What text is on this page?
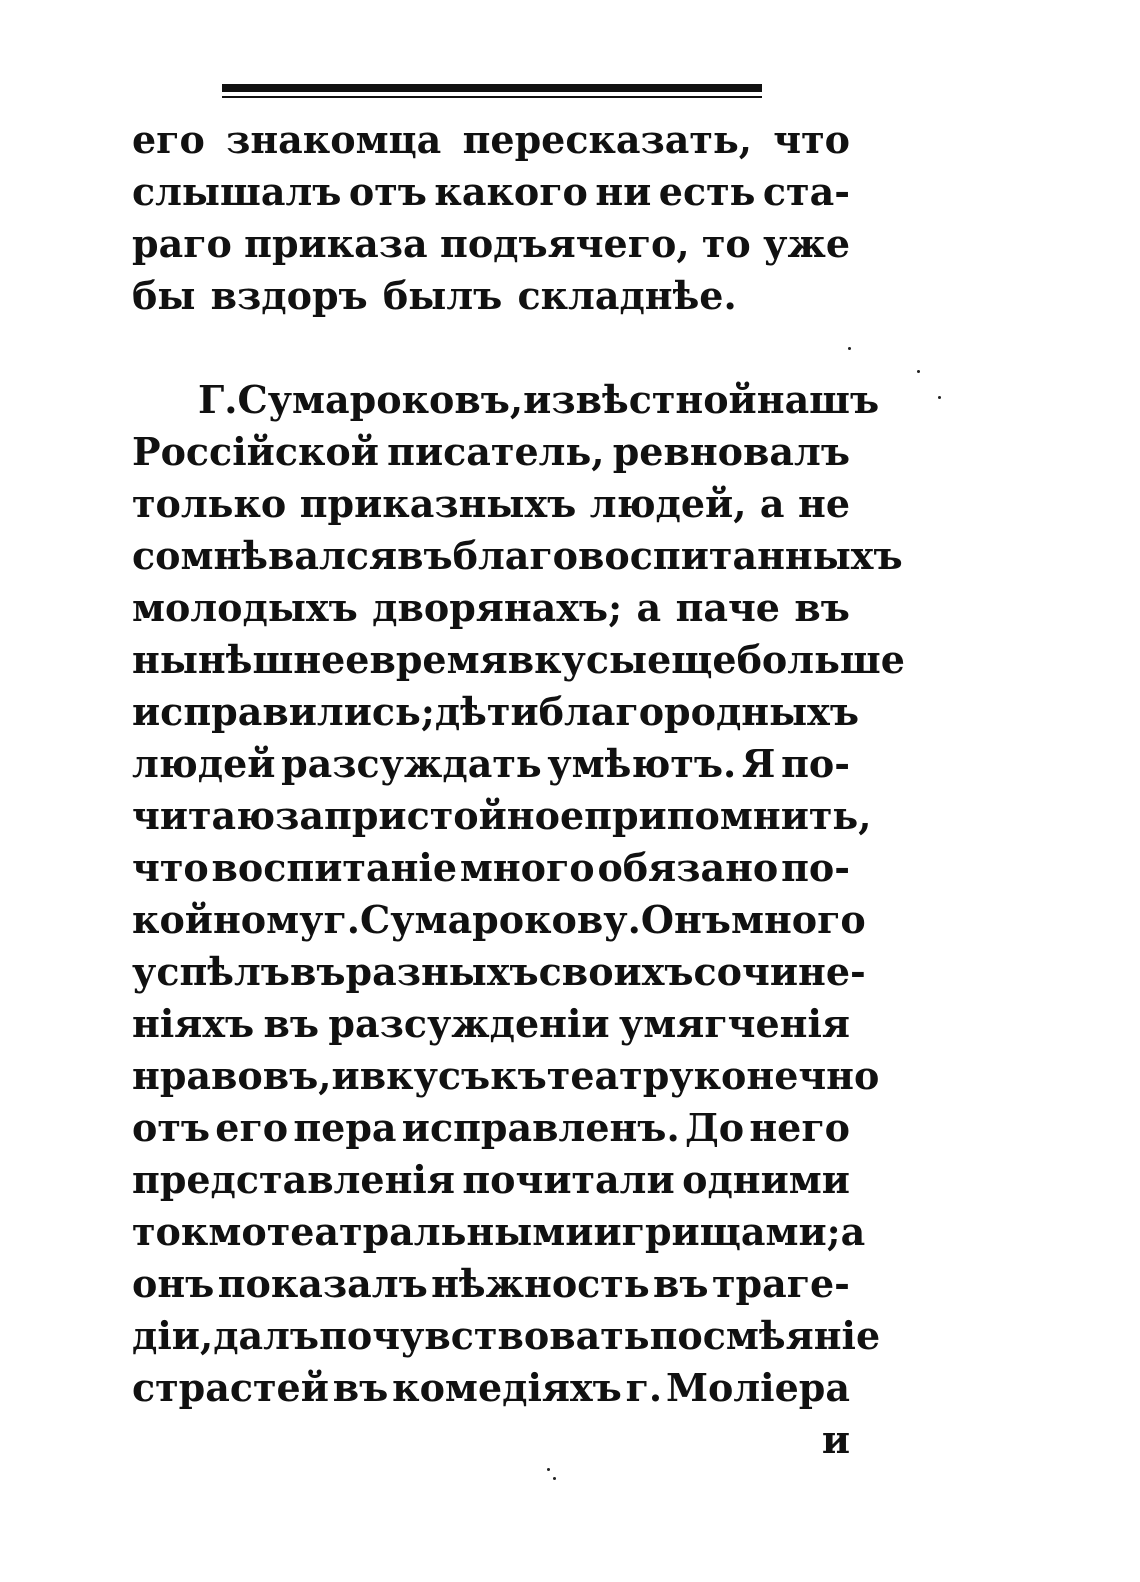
его знакомца пересказать, что
слышалъ отъ какого ни есть ста-
раго приказа подъячего, то уже
бы вздоръ былъ складнѣе.
Г. Сумароковъ, извѣстной нашъ
Россійской писатель, ревновалъ
только приказныхъ людей, а не
сомнѣвался въ благовоспитанныхъ
молодыхъ дворянахъ; а паче въ
нынѣшнее время вкусы еще больше
исправились; дѣти благородныхъ
людей разсуждать умѣютъ. Я по-
читаю за пристойное припомнить,
что воспитаніе много обязано по-
койному г. Сумарокову. Онъ много
успѣлъ въ разныхъ своихъ сочине-
ніяхъ въ разсужденіи умягченія
нравовъ, и вкусъ къ театру конечно
отъ его пера исправленъ. До него
представленія почитали одними
токмо театральными игрищами; а
онъ показалъ нѣжность въ траге-
діи, далъ почувствовать посмѣяніе
страстей въ комедіяхъ г. Моліера
и
